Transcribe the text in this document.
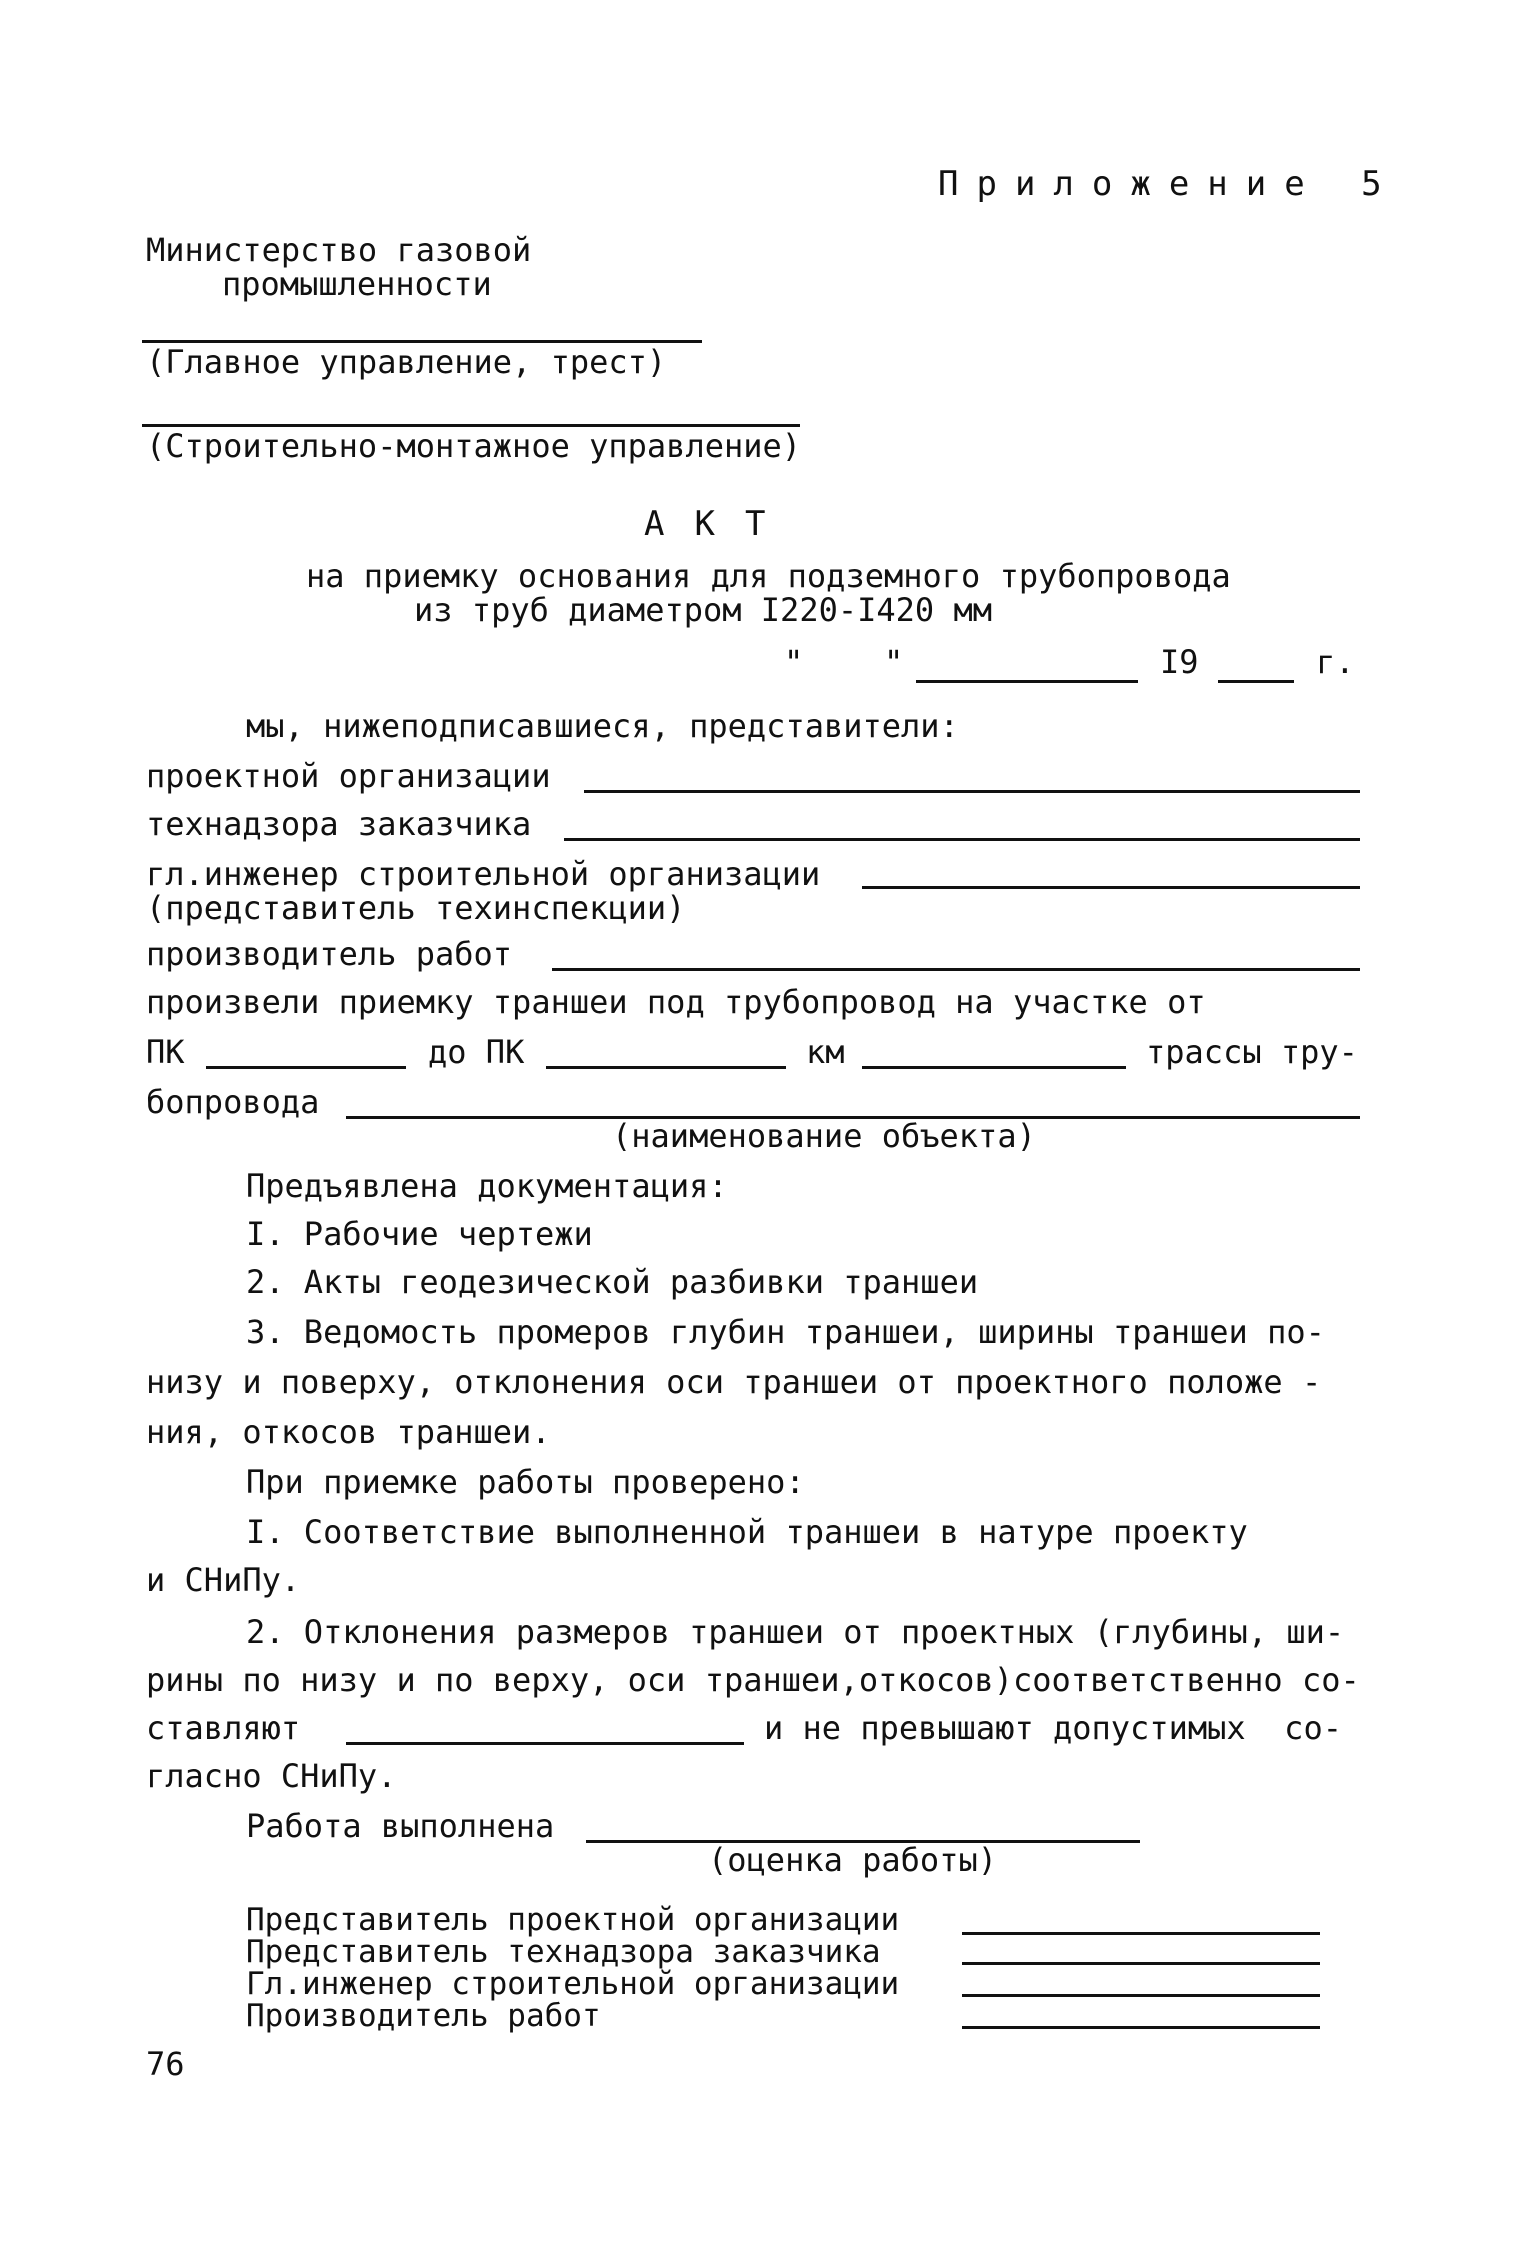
Приложение 5
Министерство газовой
промышленности
(Главное управление, трест)
(Строительно-монтажное управление)
АКТ
на приемку основания для подземного трубопровода
из труб диаметром I220-I420 мм
"	"	I9	г.
мы, нижеподписавшиеся, представители:
проектной организации
технадзора заказчика
гл.инженер строительной организации
(представитель техинспекции)
производитель работ
произвели приемку траншеи под трубопровод на участке от
ПК	до ПК	км	трассы тру-
бопровода
(наименование объекта)
Предъявлена документация:
I. Рабочие чертежи
2. Акты геодезической разбивки траншеи
3. Ведомость промеров глубин траншеи, ширины траншеи по-
низу и поверху, отклонения оси траншеи от проектного положе -
ния, откосов траншеи.
При приемке работы проверено:
I. Соответствие выполненной траншеи в натуре проекту
и СНиПу.
2. Отклонения размеров траншеи от проектных (глубины, ши-
рины по низу и по верху, оси траншеи,откосов)соответственно со-
ставляют	и не превышают допустимых  со-
гласно СНиПу.
Работа выполнена
(оценка работы)
Представитель проектной организации
Представитель технадзора заказчика
Гл.инженер строительной организации
Производитель работ
76
